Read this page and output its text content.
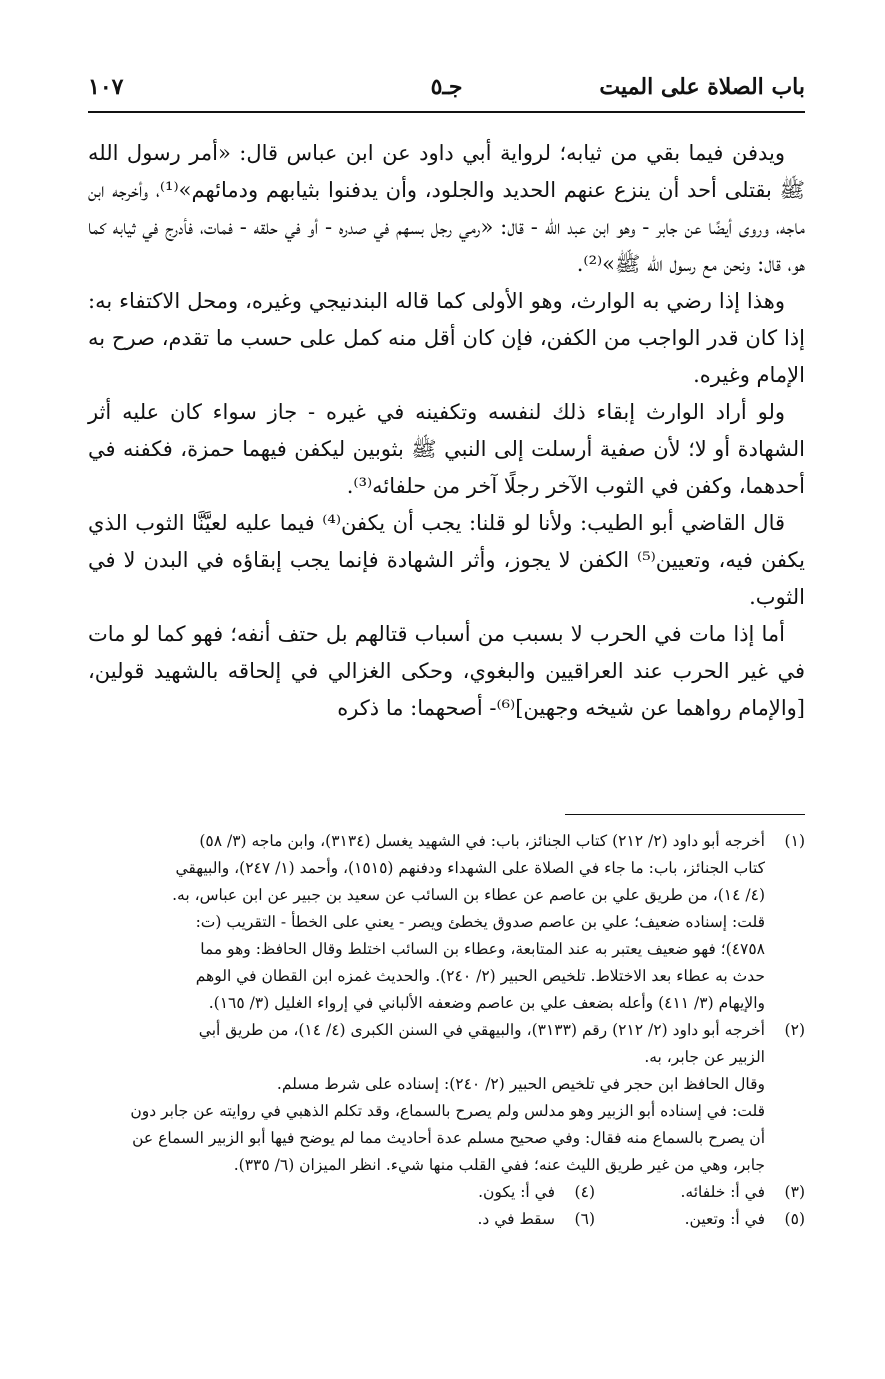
باب الصلاة على الميت
جـ٥
١٠٧

ويدفن فيما بقي من ثيابه؛ لرواية أبي داود عن ابن عباس قال: «أمر رسول الله ﷺ بقتلى أحد أن ينزع عنهم الحديد والجلود، وأن يدفنوا بثيابهم ودمائهم»⁽¹⁾، وأخرجه ابن ماجه، وروى أيضًا عن جابر - وهو ابن عبد الله - قال: «رمي رجل بسهم في صدره - أو في حلقه - فمات، فأدرج في ثيابه كما هو، قال: ونحن مع رسول الله ﷺ»⁽²⁾.

وهذا إذا رضي به الوارث، وهو الأولى كما قاله البندنيجي وغيره، ومحل الاكتفاء به: إذا كان قدر الواجب من الكفن، فإن كان أقل منه كمل على حسب ما تقدم، صرح به الإمام وغيره.

ولو أراد الوارث إبقاء ذلك لنفسه وتكفينه في غيره - جاز سواء كان عليه أثر الشهادة أو لا؛ لأن صفية أرسلت إلى النبي ﷺ بثوبين ليكفن فيهما حمزة، فكفنه في أحدهما، وكفن في الثوب الآخر رجلًا آخر من حلفائه⁽³⁾.

قال القاضي أبو الطيب: ولأنا لو قلنا: يجب أن يكفن⁽⁴⁾ فيما عليه لعيَّنَّا الثوب الذي يكفن فيه، وتعيين⁽⁵⁾ الكفن لا يجوز، وأثر الشهادة فإنما يجب إبقاؤه في البدن لا في الثوب.

أما إذا مات في الحرب لا بسبب من أسباب قتالهم بل حتف أنفه؛ فهو كما لو مات في غير الحرب عند العراقيين والبغوي، وحكى الغزالي في إلحاقه بالشهيد قولين، [والإمام رواهما عن شيخه وجهين]⁽⁶⁾- أصحهما: ما ذكره

(١)
أخرجه أبو داود (٢/ ٢١٢) كتاب الجنائز، باب: في الشهيد يغسل (٣١٣٤)، وابن ماجه (٣/ ٥٨)
كتاب الجنائز، باب: ما جاء في الصلاة على الشهداء ودفنهم (١٥١٥)، وأحمد (١/ ٢٤٧)، والبيهقي
(٤/ ١٤)، من طريق علي بن عاصم عن عطاء بن السائب عن سعيد بن جبير عن ابن عباس، به.
قلت: إسناده ضعيف؛ علي بن عاصم صدوق يخطئ ويصر - يعني على الخطأ - التقريب (ت:
٤٧٥٨)؛ فهو ضعيف يعتبر به عند المتابعة، وعطاء بن السائب اختلط وقال الحافظ: وهو مما
حدث به عطاء بعد الاختلاط. تلخيص الحبير (٢/ ٢٤٠). والحديث غمزه ابن القطان في الوهم
والإيهام (٣/ ٤١١) وأعله بضعف علي بن عاصم وضعفه الألباني في إرواء الغليل (٣/ ١٦٥).
(٢)
أخرجه أبو داود (٢/ ٢١٢) رقم (٣١٣٣)، والبيهقي في السنن الكبرى (٤/ ١٤)، من طريق أبي
الزبير عن جابر، به.
وقال الحافظ ابن حجر في تلخيص الحبير (٢/ ٢٤٠): إسناده على شرط مسلم.
قلت: في إسناده أبو الزبير وهو مدلس ولم يصرح بالسماع، وقد تكلم الذهبي في روايته عن جابر دون
أن يصرح بالسماع منه فقال: وفي صحيح مسلم عدة أحاديث مما لم يوضح فيها أبو الزبير السماع عن
جابر، وهي من غير طريق الليث عنه؛ ففي القلب منها شيء. انظر الميزان (٦/ ٣٣٥).
(٣)
في أ: خلفائه.
(٤)
في أ: يكون.
(٥)
في أ: وتعين.
(٦)
سقط في د.
